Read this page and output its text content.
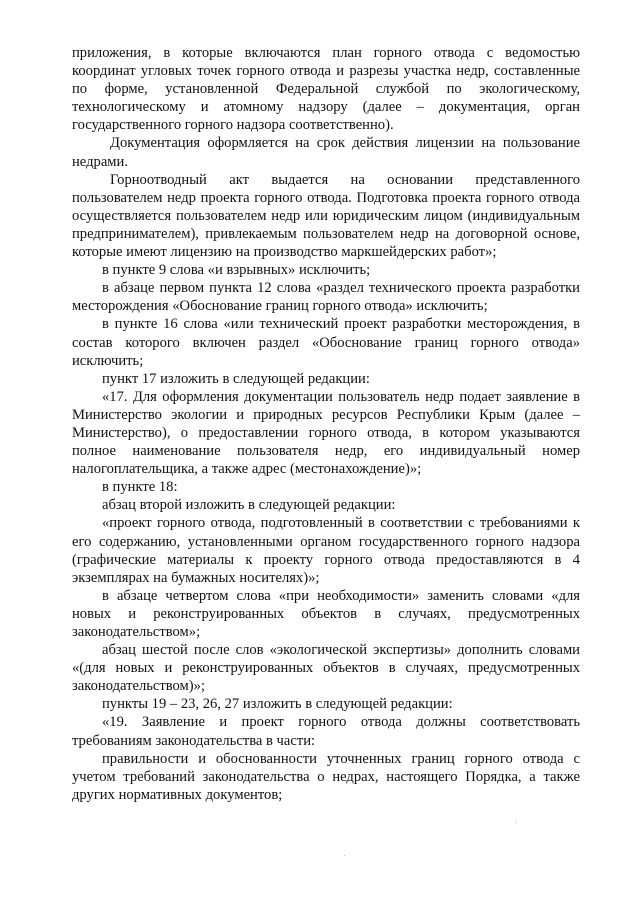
приложения, в которые включаются план горного отвода с ведомостью координат угловых точек горного отвода и разрезы участка недр, составленные по форме, установленной Федеральной службой по экологическому, технологическому и атомному надзору (далее – документация, орган государственного горного надзора соответственно).

Документация оформляется на срок действия лицензии на пользование недрами.

Горноотводный акт выдается на основании представленного пользователем недр проекта горного отвода. Подготовка проекта горного отвода осуществляется пользователем недр или юридическим лицом (индивидуальным предпринимателем), привлекаемым пользователем недр на договорной основе, которые имеют лицензию на производство маркшейдерских работ»;

в пункте 9 слова «и взрывных» исключить;

в абзаце первом пункта 12 слова «раздел технического проекта разработки месторождения «Обоснование границ горного отвода» исключить;

в пункте 16 слова «или технический проект разработки месторождения, в состав которого включен раздел «Обоснование границ горного отвода» исключить;

пункт 17 изложить в следующей редакции:

«17. Для оформления документации пользователь недр подает заявление в Министерство экологии и природных ресурсов Республики Крым (далее – Министерство), о предоставлении горного отвода, в котором указываются полное наименование пользователя недр, его индивидуальный номер налогоплательщика, а также адрес (местонахождение)»;

в пункте 18:

абзац второй изложить в следующей редакции:

«проект горного отвода, подготовленный в соответствии с требованиями к его содержанию, установленными органом государственного горного надзора (графические материалы к проекту горного отвода предоставляются в 4 экземплярах на бумажных носителях)»;

в абзаце четвертом слова «при необходимости» заменить словами «для новых и реконструированных объектов в случаях, предусмотренных законодательством»;

абзац шестой после слов «экологической экспертизы» дополнить словами «(для новых и реконструированных объектов в случаях, предусмотренных законодательством)»;

пункты 19 – 23, 26, 27 изложить в следующей редакции:

«19. Заявление и проект горного отвода должны соответствовать требованиям законодательства в части:

правильности и обоснованности уточненных границ горного отвода с учетом требований законодательства о недрах, настоящего Порядка, а также других нормативных документов;
